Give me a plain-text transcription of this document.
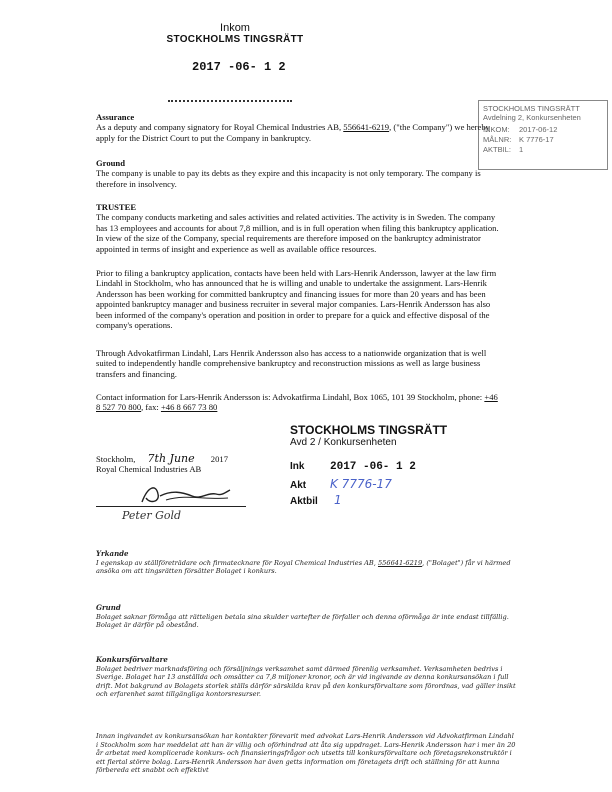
Inkom
STOCKHOLMS TINGSRÄTT
2017 -06- 1 2
STOCKHOLMS TINGSRÄTT
Avdelning 2, Konkursenheten
INKOM:	2017-06-12
MÅLNR:	K 7776-17
AKTBIL:	1
Assurance

As a deputy and company signatory for Royal Chemical Industries AB, 556641-6219, ("the Company") we hereby apply for the District Court to put the Company in bankruptcy.

Ground

The company is unable to pay its debts as they expire and this incapacity is not only temporary. The company is therefore in insolvency.

TRUSTEE

The company conducts marketing and sales activities and related activities. The activity is in Sweden. The company has 13 employees and accounts for about 7,8 million, and is in full operation when filing this bankruptcy application. In view of the size of the Company, special requirements are therefore imposed on the bankruptcy administrator appointed in terms of insight and experience as well as available office resources.

Prior to filing a bankruptcy application, contacts have been held with Lars-Henrik Andersson, lawyer at the law firm Lindahl in Stockholm, who has announced that he is willing and unable to undertake the assignment. Lars-Henrik Andersson has been working for committed bankruptcy and financing issues for more than 20 years and has been appointed bankruptcy manager and business recruiter in several major companies. Lars-Henrik Andersson has also been informed of the company's operation and position in order to prepare for a quick and effective disposal of the company's operations.
Through Advokatfirman Lindahl, Lars Henrik Andersson also has access to a nationwide organization that is well suited to independently handle comprehensive bankruptcy and reconstruction missions as well as large business transfers and financing.
Contact information for Lars-Henrik Andersson is: Advokatfirma Lindahl, Box 1065, 101 39 Stockholm, phone: +46 8 527 70 800, fax: +46 8 667 73 80
Stockholm, 7th June 2017
Royal Chemical Industries AB
Peter Gold
STOCKHOLMS TINGSRÄTT
Avd 2 / Konkursenheten
Ink	2017 -06- 1 2
Akt	K 7776-17
Aktbil 1
Yrkande

I egenskap av ställföreträdare och firmatecknare för Royal Chemical Industries AB, 556641-6219, ("Bolaget") får vi härmed ansöka om att tingsrätten försätter Bolaget i konkurs.

Grund

Bolaget saknar förmåga att rätteligen betala sina skulder vartefter de förfaller och denna oförmåga är inte endast tillfällig. Bolaget är därför på obestånd.

Konkursförvaltare

Bolaget bedriver marknadsföring och försäljnings verksamhet samt därmed förenlig verksamhet. Verksamheten bedrivs i Sverige. Bolaget har 13 anställda och omsätter ca 7,8 miljoner kronor, och är vid ingivande av denna konkursansökan i full drift. Mot bakgrund av Bolagets storlek ställs därför särskilda krav på den konkursförvaltare som förordnas, vad gäller insikt och erfarenhet samt tillgängliga kontorsresurser.

Innan ingivandet av konkursansökan har kontakter förevarit med advokat Lars-Henrik Andersson vid Advokatfirman Lindahl i Stockholm som har meddelat att han är villig och oförhindrad att åta sig uppdraget. Lars-Henrik Andersson har i mer än 20 år arbetat med komplicerade konkurs- och finansieringsfrågor och utsetts till konkursförvaltare och företagsrekonstruktör i ett flertal större bolag. Lars-Henrik Andersson har även getts information om företagets drift och ställning för att kunna förbereda ett snabbt och effektivt
